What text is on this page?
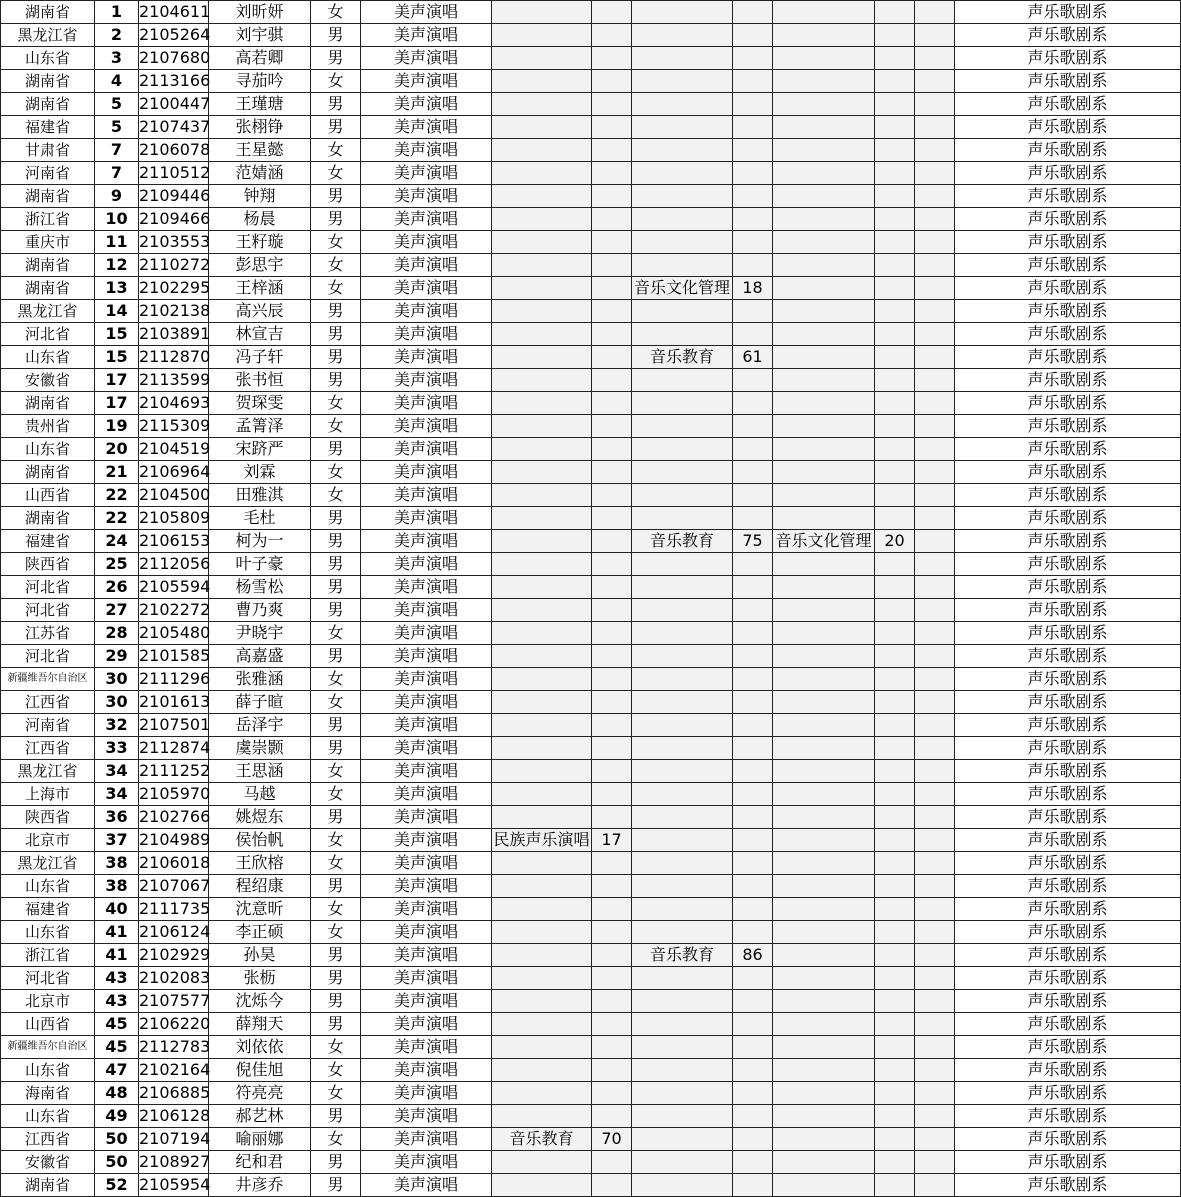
湖南省	1	2104611	刘昕妍	女	美声演唱								声乐歌剧系
黑龙江省	2	2105264	刘宇骐	男	美声演唱								声乐歌剧系
山东省	3	2107680	高若卿	男	美声演唱								声乐歌剧系
湖南省	4	2113166	寻茄吟	女	美声演唱								声乐歌剧系
湖南省	5	2100447	王瑾瑭	男	美声演唱								声乐歌剧系
福建省	5	2107437	张栩铮	男	美声演唱								声乐歌剧系
甘肃省	7	2106078	王星懿	女	美声演唱								声乐歌剧系
河南省	7	2110512	范婧涵	女	美声演唱								声乐歌剧系
湖南省	9	2109446	钟翔	男	美声演唱								声乐歌剧系
浙江省	10	2109466	杨晨	男	美声演唱								声乐歌剧系
重庆市	11	2103553	王籽璇	女	美声演唱								声乐歌剧系
湖南省	12	2110272	彭思宇	女	美声演唱								声乐歌剧系
湖南省	13	2102295	王梓涵	女	美声演唱			音乐文化管理	18				声乐歌剧系
黑龙江省	14	2102138	高兴辰	男	美声演唱								声乐歌剧系
河北省	15	2103891	林宣吉	男	美声演唱								声乐歌剧系
山东省	15	2112870	冯子轩	男	美声演唱			音乐教育	61				声乐歌剧系
安徽省	17	2113599	张书恒	男	美声演唱								声乐歌剧系
湖南省	17	2104693	贺琛雯	女	美声演唱								声乐歌剧系
贵州省	19	2115309	孟箐泽	女	美声演唱								声乐歌剧系
山东省	20	2104519	宋跻严	男	美声演唱								声乐歌剧系
湖南省	21	2106964	刘霖	女	美声演唱								声乐歌剧系
山西省	22	2104500	田雅淇	女	美声演唱								声乐歌剧系
湖南省	22	2105809	毛杜	男	美声演唱								声乐歌剧系
福建省	24	2106153	柯为一	男	美声演唱			音乐教育	75	音乐文化管理	20		声乐歌剧系
陕西省	25	2112056	叶子豪	男	美声演唱								声乐歌剧系
河北省	26	2105594	杨雪松	男	美声演唱								声乐歌剧系
河北省	27	2102272	曹乃爽	男	美声演唱								声乐歌剧系
江苏省	28	2105480	尹晓宇	女	美声演唱								声乐歌剧系
河北省	29	2101585	高嘉盛	男	美声演唱								声乐歌剧系
新疆维吾尔自治区	30	2111296	张雅涵	女	美声演唱								声乐歌剧系
江西省	30	2101613	薛子暄	女	美声演唱								声乐歌剧系
河南省	32	2107501	岳泽宇	男	美声演唱								声乐歌剧系
江西省	33	2112874	虞崇颢	男	美声演唱								声乐歌剧系
黑龙江省	34	2111252	王思涵	女	美声演唱								声乐歌剧系
上海市	34	2105970	马越	女	美声演唱								声乐歌剧系
陕西省	36	2102766	姚煜东	男	美声演唱								声乐歌剧系
北京市	37	2104989	侯怡帆	女	美声演唱	民族声乐演唱	17						声乐歌剧系
黑龙江省	38	2106018	王欣榕	女	美声演唱								声乐歌剧系
山东省	38	2107067	程绍康	男	美声演唱								声乐歌剧系
福建省	40	2111735	沈意昕	女	美声演唱								声乐歌剧系
山东省	41	2106124	李正硕	女	美声演唱								声乐歌剧系
浙江省	41	2102929	孙昊	男	美声演唱			音乐教育	86				声乐歌剧系
河北省	43	2102083	张枥	男	美声演唱								声乐歌剧系
北京市	43	2107577	沈烁今	男	美声演唱								声乐歌剧系
山西省	45	2106220	薛翔天	男	美声演唱								声乐歌剧系
新疆维吾尔自治区	45	2112783	刘依依	女	美声演唱								声乐歌剧系
山东省	47	2102164	倪佳旭	女	美声演唱								声乐歌剧系
海南省	48	2106885	符亮亮	女	美声演唱								声乐歌剧系
山东省	49	2106128	郝艺林	男	美声演唱								声乐歌剧系
江西省	50	2107194	喻丽娜	女	美声演唱	音乐教育	70						声乐歌剧系
安徽省	50	2108927	纪和君	男	美声演唱								声乐歌剧系
湖南省	52	2105954	井彦乔	男	美声演唱								声乐歌剧系
